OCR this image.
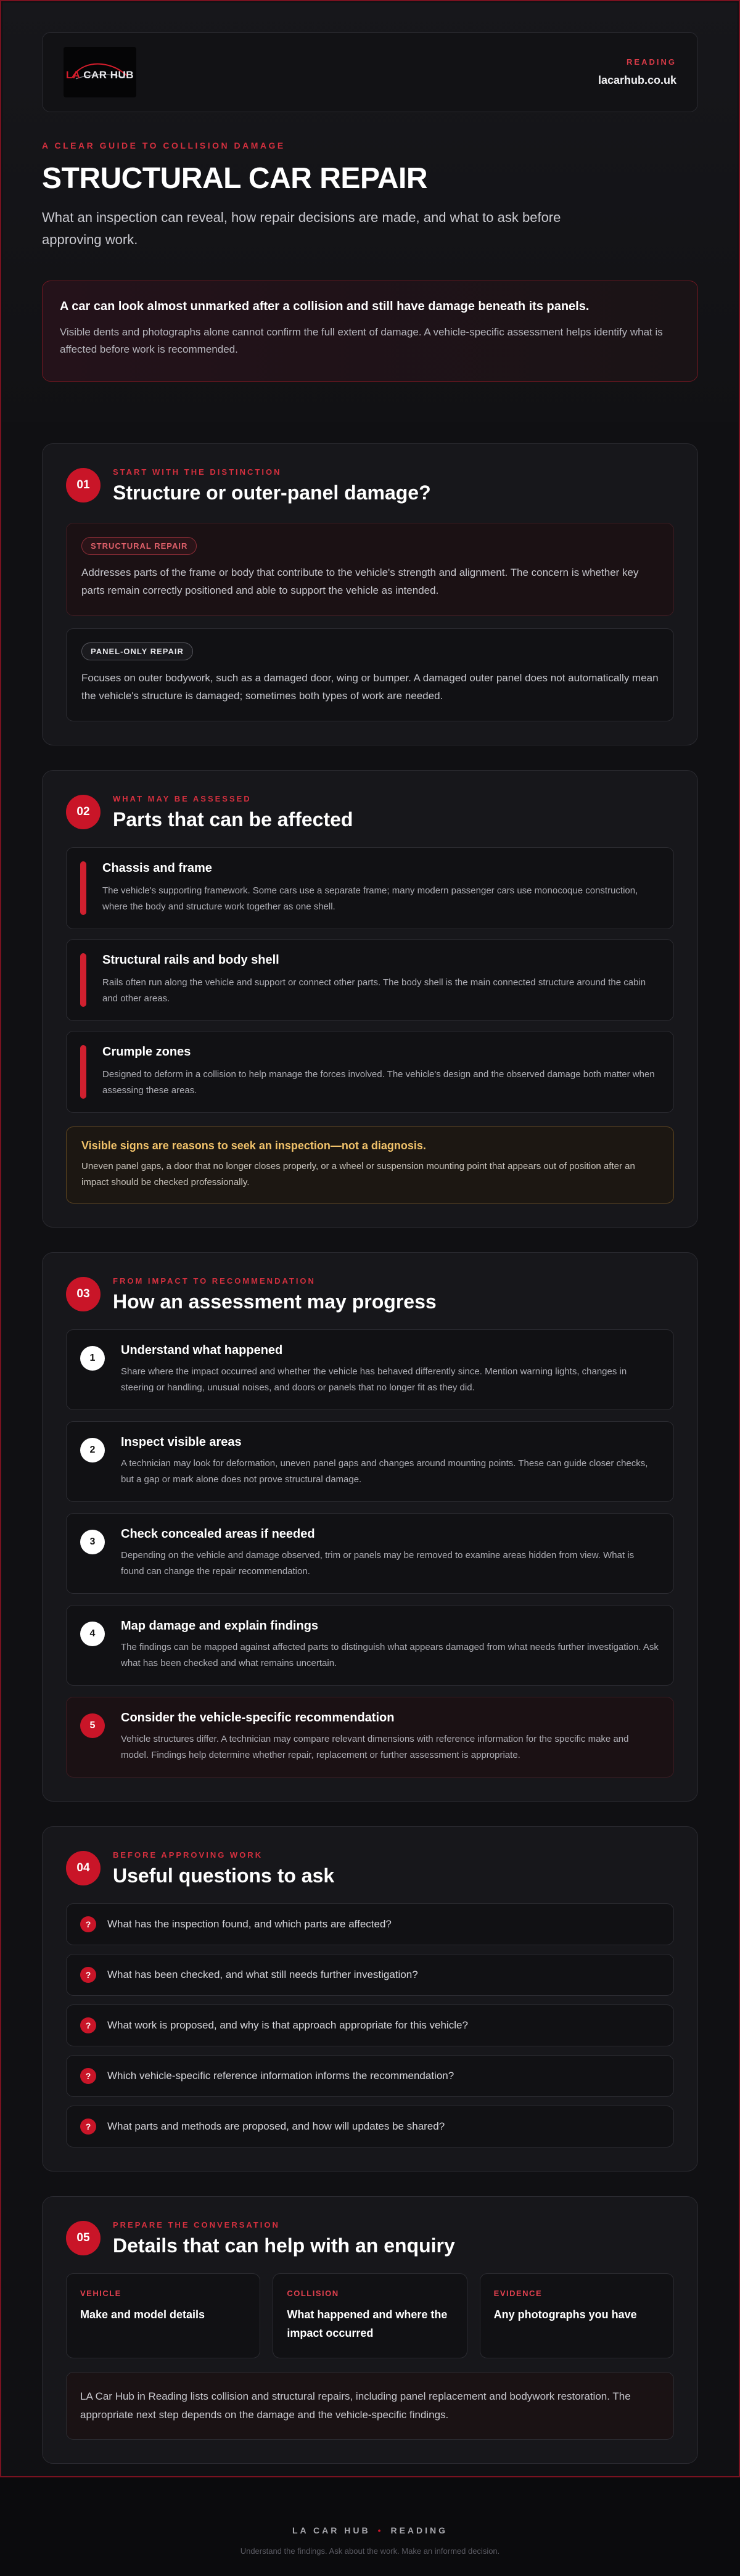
LA CAR HUB
READING
lacarhub.co.uk
A CLEAR GUIDE TO COLLISION DAMAGE
STRUCTURAL CAR REPAIR

What an inspection can reveal, how repair decisions are made, and what to ask before approving work.

A car can look almost unmarked after a collision and still have damage beneath its panels.

Visible dents and photographs alone cannot confirm the full extent of damage. A vehicle-specific assessment helps identify what is affected before work is recommended.

01
START WITH THE DISTINCTION
Structure or outer-panel damage?
STRUCTURAL REPAIR

Addresses parts of the frame or body that contribute to the vehicle's strength and alignment. The concern is whether key parts remain correctly positioned and able to support the vehicle as intended.

PANEL-ONLY REPAIR

Focuses on outer bodywork, such as a damaged door, wing or bumper. A damaged outer panel does not automatically mean the vehicle's structure is damaged; sometimes both types of work are needed.

02
WHAT MAY BE ASSESSED
Parts that can be affected
Chassis and frame

The vehicle's supporting framework. Some cars use a separate frame; many modern passenger cars use monocoque construction, where the body and structure work together as one shell.

Structural rails and body shell

Rails often run along the vehicle and support or connect other parts. The body shell is the main connected structure around the cabin and other areas.

Crumple zones

Designed to deform in a collision to help manage the forces involved. The vehicle's design and the observed damage both matter when assessing these areas.

Visible signs are reasons to seek an inspection—not a diagnosis.

Uneven panel gaps, a door that no longer closes properly, or a wheel or suspension mounting point that appears out of position after an impact should be checked professionally.

03
FROM IMPACT TO RECOMMENDATION
How an assessment may progress
1
Understand what happened

Share where the impact occurred and whether the vehicle has behaved differently since. Mention warning lights, changes in steering or handling, unusual noises, and doors or panels that no longer fit as they did.

2
Inspect visible areas

A technician may look for deformation, uneven panel gaps and changes around mounting points. These can guide closer checks, but a gap or mark alone does not prove structural damage.

3
Check concealed areas if needed

Depending on the vehicle and damage observed, trim or panels may be removed to examine areas hidden from view. What is found can change the repair recommendation.

4
Map damage and explain findings

The findings can be mapped against affected parts to distinguish what appears damaged from what needs further investigation. Ask what has been checked and what remains uncertain.

5
Consider the vehicle-specific recommendation

Vehicle structures differ. A technician may compare relevant dimensions with reference information for the specific make and model. Findings help determine whether repair, replacement or further assessment is appropriate.

04
BEFORE APPROVING WORK
Useful questions to ask
?	What has the inspection found, and which parts are affected?
?	What has been checked, and what still needs further investigation?
?	What work is proposed, and why is that approach appropriate for this vehicle?
?	Which vehicle-specific reference information informs the recommendation?
?	What parts and methods are proposed, and how will updates be shared?
05
PREPARE THE CONVERSATION
Details that can help with an enquiry
VEHICLE
Make and model details
COLLISION
What happened and where the impact occurred
EVIDENCE
Any photographs you have

LA Car Hub in Reading lists collision and structural repairs, including panel replacement and bodywork restoration. The appropriate next step depends on the damage and the vehicle-specific findings.

LA CAR HUB • READING
Understand the findings. Ask about the work. Make an informed decision.
